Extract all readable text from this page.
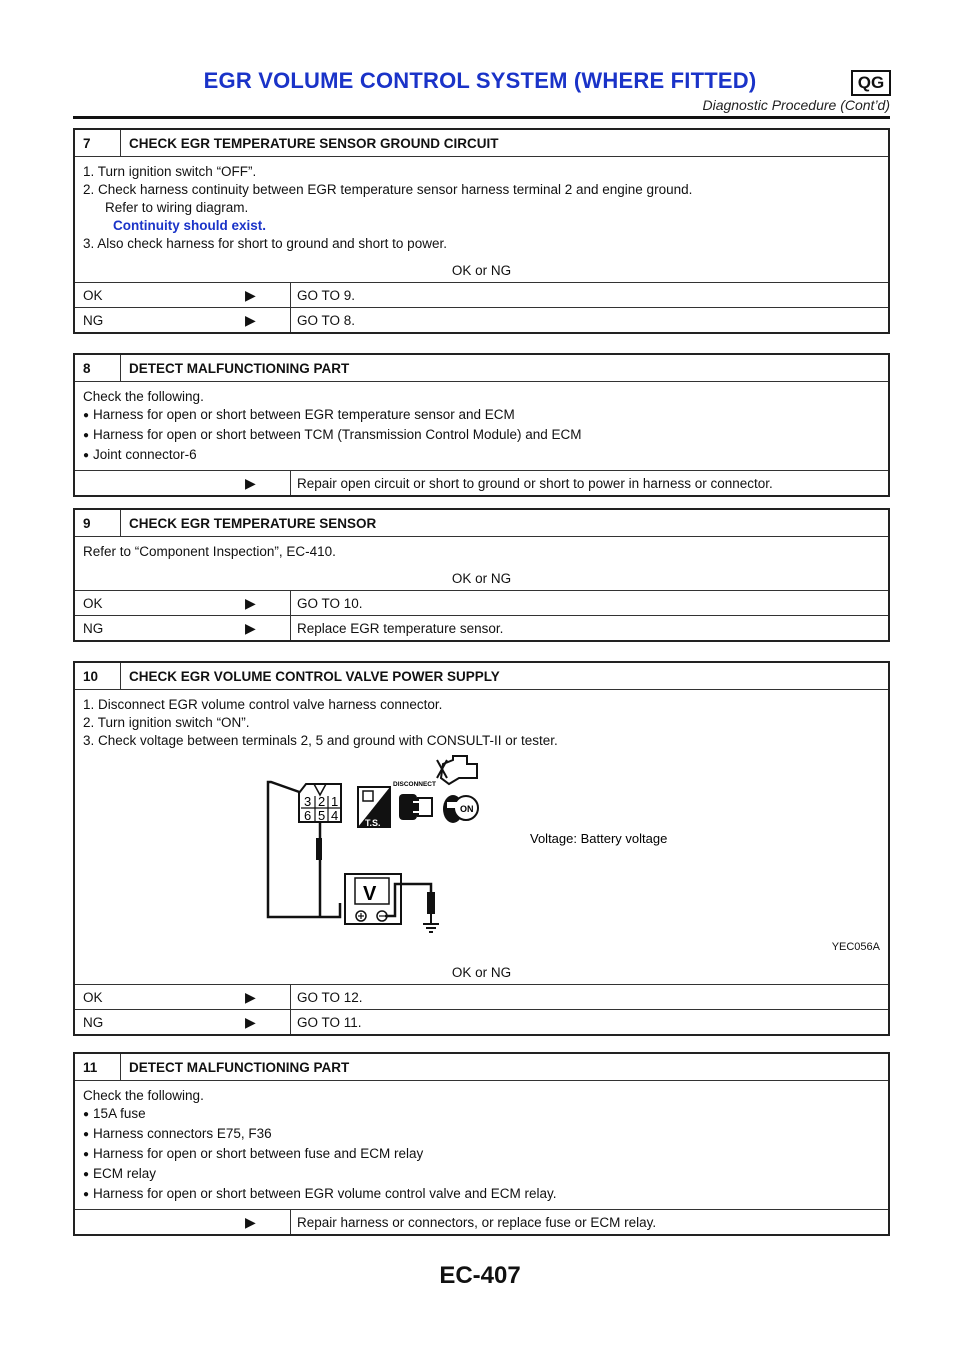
EGR VOLUME CONTROL SYSTEM (WHERE FITTED)	QG
Diagnostic Procedure (Cont’d)
7	CHECK EGR TEMPERATURE SENSOR GROUND CIRCUIT
1. Turn ignition switch “OFF”.
2. Check harness continuity between EGR temperature sensor harness terminal 2 and engine ground.
Refer to wiring diagram.
Continuity should exist.
3. Also check harness for short to ground and short to power.
OK or NG
OK	▶	GO TO 9.
NG	▶	GO TO 8.
8	DETECT MALFUNCTIONING PART
Check the following.
● Harness for open or short between EGR temperature sensor and ECM
● Harness for open or short between TCM (Transmission Control Module) and ECM
● Joint connector-6
▶	Repair open circuit or short to ground or short to power in harness or connector.
9	CHECK EGR TEMPERATURE SENSOR
Refer to “Component Inspection”, EC-410.
OK or NG
OK	▶	GO TO 10.
NG	▶	Replace EGR temperature sensor.
10	CHECK EGR VOLUME CONTROL VALVE POWER SUPPLY
1. Disconnect EGR volume control valve harness connector.
2. Turn ignition switch “ON”.
3. Check voltage between terminals 2, 5 and ground with CONSULT-II or tester.
3 2 1
6 5 4	T.S.
DISCONNECT
ON
V
Voltage: Battery voltage
YEC056A
OK or NG
OK	▶	GO TO 12.
NG	▶	GO TO 11.
11	DETECT MALFUNCTIONING PART
Check the following.
● 15A fuse
● Harness connectors E75, F36
● Harness for open or short between fuse and ECM relay
● ECM relay
● Harness for open or short between EGR volume control valve and ECM relay.
▶	Repair harness or connectors, or replace fuse or ECM relay.
EC-407
